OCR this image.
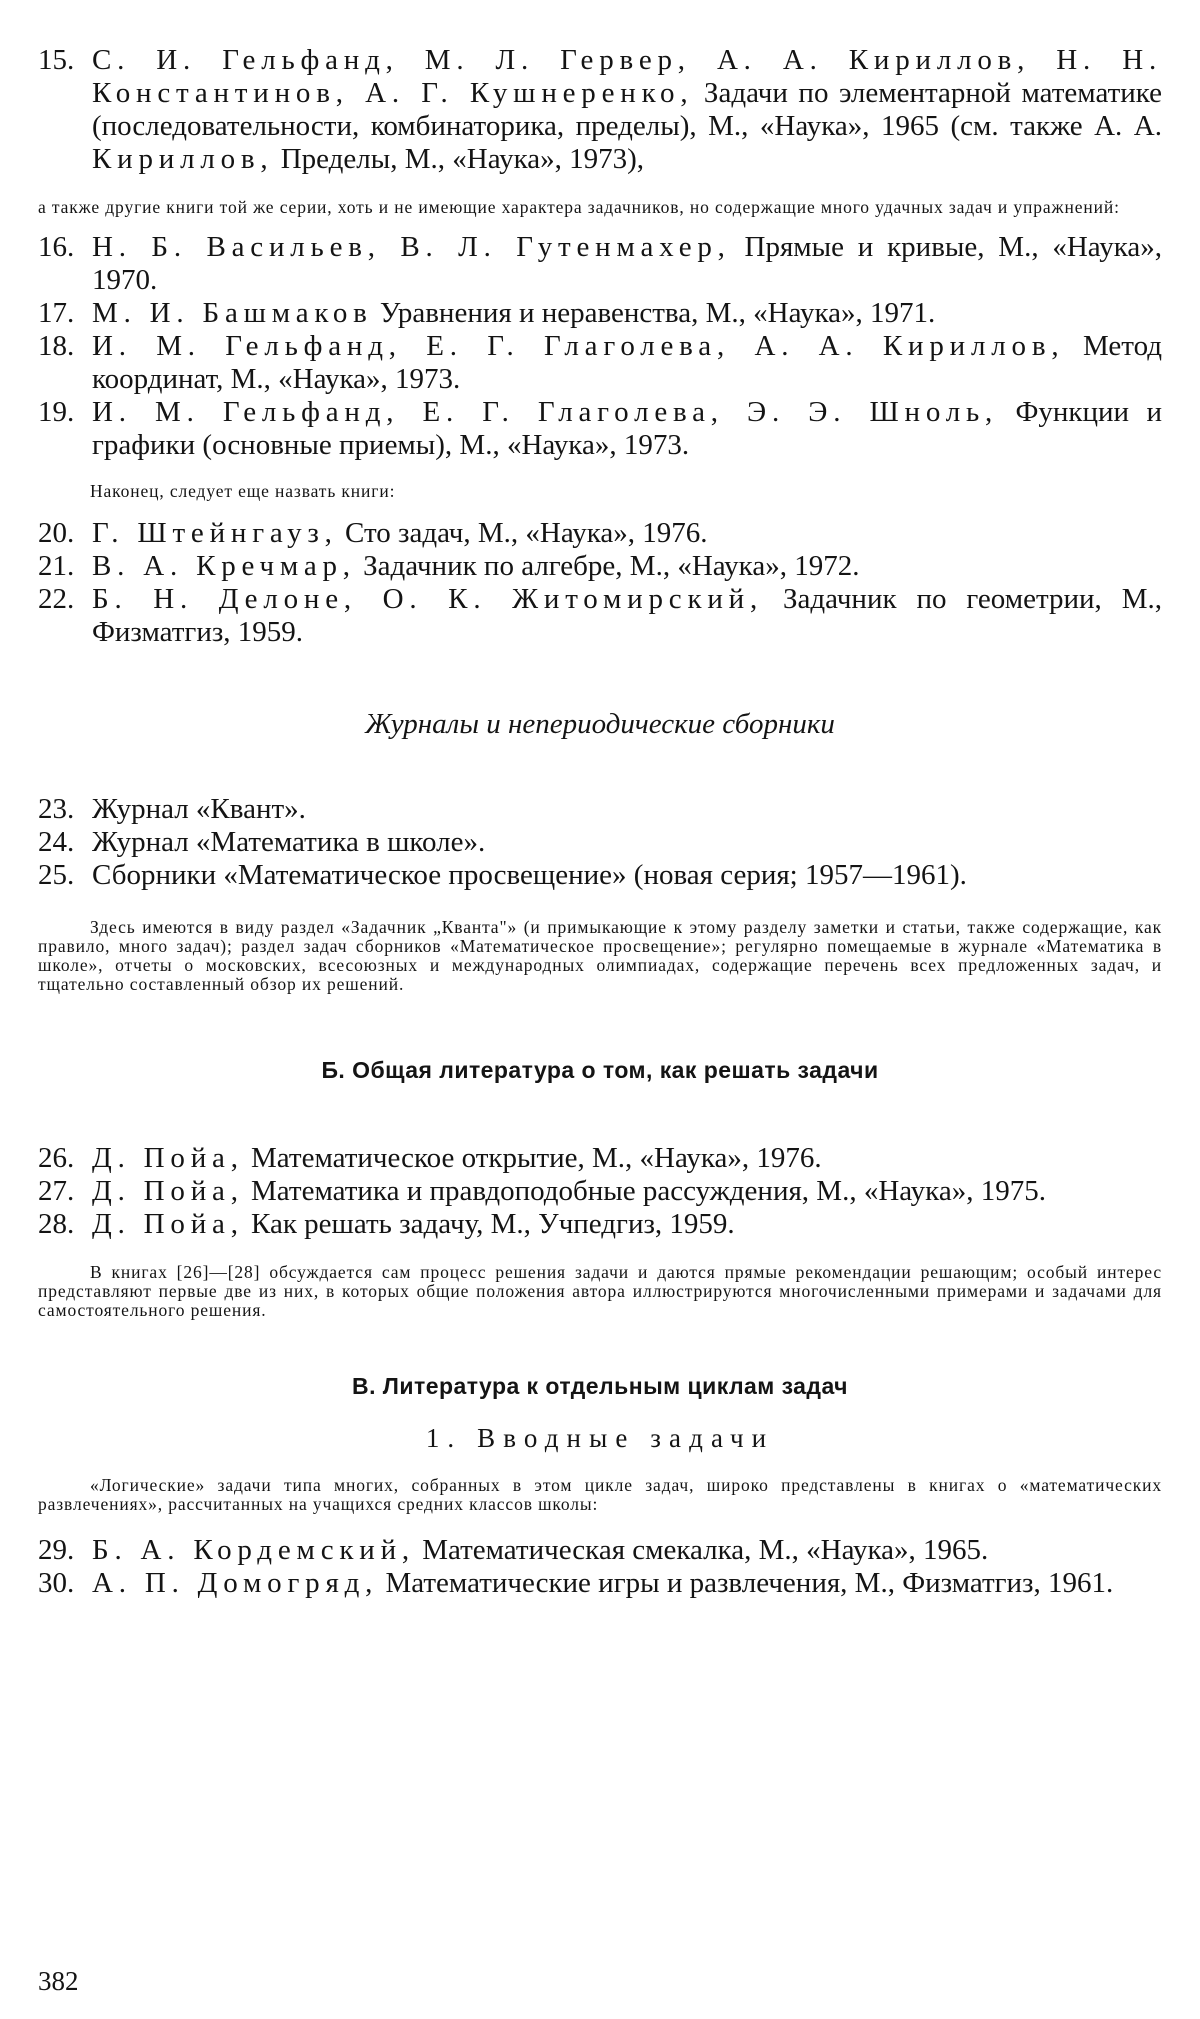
15. С. И. Гельфанд, М. Л. Гервер, А. А. Кириллов, Н. Н. Константинов, А. Г. Кушнеренко, Задачи по элементарной математике (последовательности, комбинаторика, пределы), М., «Наука», 1965 (см. также А. А. Кириллов, Пределы, М., «Наука», 1973),

а также другие книги той же серии, хоть и не имеющие характера задачников, но содержащие много удачных задач и упражнений:

16. Н. Б. Васильев, В. Л. Гутенмахер, Прямые и кривые, М., «Наука», 1970.
17. М. И. Башмаков Уравнения и неравенства, М., «Наука», 1971.
18. И. М. Гельфанд, Е. Г. Глаголева, А. А. Кириллов, Метод координат, М., «Наука», 1973.
19. И. М. Гельфанд, Е. Г. Глаголева, Э. Э. Шноль, Функции и графики (основные приемы), М., «Наука», 1973.

Наконец, следует еще назвать книги:

20. Г. Штейнгауз, Сто задач, М., «Наука», 1976.
21. В. А. Кречмар, Задачник по алгебре, М., «Наука», 1972.
22. Б. Н. Делоне, О. К. Житомирский, Задачник по геометрии, М., Физматгиз, 1959.
Журналы и непериодические сборники
23. Журнал «Квант».
24. Журнал «Математика в школе».
25. Сборники «Математическое просвещение» (новая серия; 1957—1961).

Здесь имеются в виду раздел «Задачник „Кванта"» (и примыкающие к этому разделу заметки и статьи, также содержащие, как правило, много задач); раздел задач сборников «Математическое просвещение»; регулярно помещаемые в журнале «Математика в школе», отчеты о московских, всесоюзных и международных олимпиадах, содержащие перечень всех предложенных задач, и тщательно составленный обзор их решений.

Б. Общая литература о том, как решать задачи
26. Д. Пойа, Математическое открытие, М., «Наука», 1976.
27. Д. Пойа, Математика и правдоподобные рассуждения, М., «Наука», 1975.
28. Д. Пойа, Как решать задачу, М., Учпедгиз, 1959.

В книгах [26]—[28] обсуждается сам процесс решения задачи и даются прямые рекомендации решающим; особый интерес представляют первые две из них, в которых общие положения автора иллюстрируются многочисленными примерами и задачами для самостоятельного решения.

В. Литература к отдельным циклам задач
1. Вводные задачи

«Логические» задачи типа многих, собранных в этом цикле задач, широко представлены в книгах о «математических развлечениях», рассчитанных на учащихся средних классов школы:

29. Б. А. Кордемский, Математическая смекалка, М., «Наука», 1965.
30. А. П. Домогряд, Математические игры и развлечения, М., Физматгиз, 1961.
382
